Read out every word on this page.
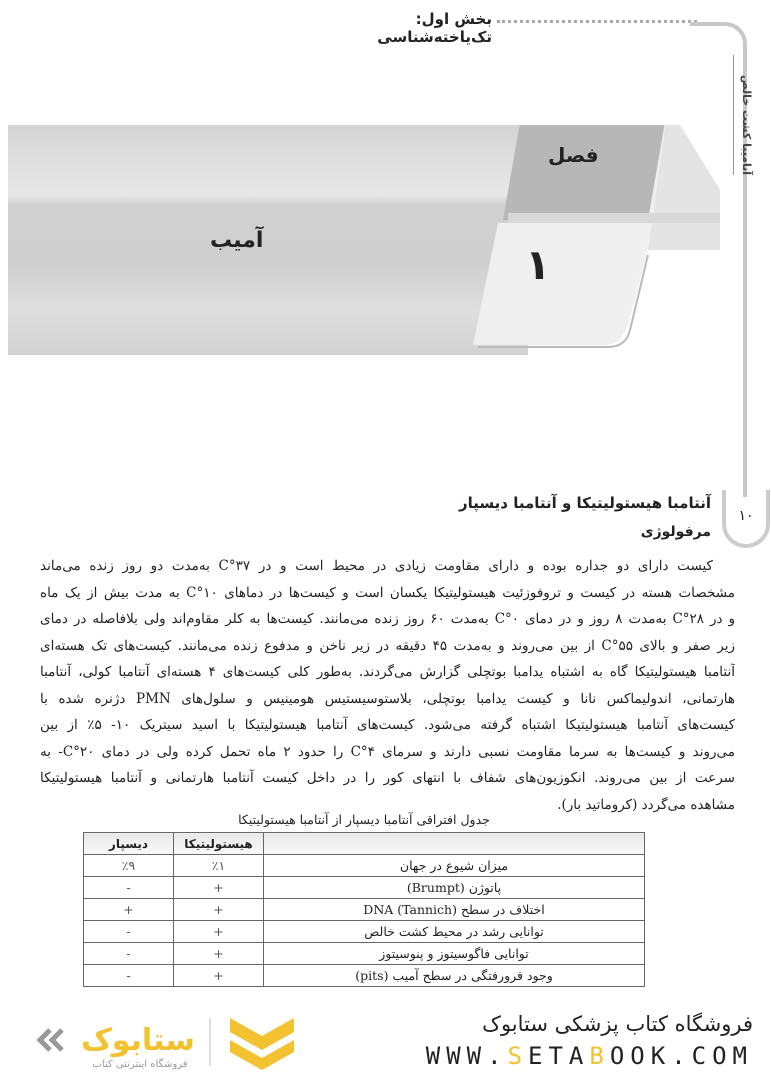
بخش اول: تک‌یاخته‌شناسی
آنامیبا کشت خالص
۱۰
فصل
۱
آمیب
آنتامبا هیستولیتیکا و آنتامبا دیسپار
مرفولوژی
کیست دارای دو جداره بوده و دارای مقاومت زیادی در محیط است و در ۳۷°C به‌مدت دو روز زنده می‌ماند
مشخصات هسته در کیست و تروفوزئیت هیستولیتیکا یکسان است و کیست‌ها در دماهای ۱۰°C به مدت بیش از یک ماه
و در ۲۸°C به‌مدت ۸ روز و در دمای ۰°C به‌مدت ۶۰ روز زنده می‌مانند. کیست‌ها به کلر مقاوم‌اند ولی بلافاصله در دمای
زیر صفر و بالای ۵۵°C از بین می‌روند و به‌مدت ۴۵ دقیقه در زیر ناخن و مدفوع زنده می‌مانند. کیست‌های تک هسته‌ای
آنتامبا هیستولیتیکا گاه به اشتباه یدامبا بوتچلی گزارش می‌گردند. به‌طور کلی کیست‌های ۴ هسته‌ای آنتامبا کولی، آنتامبا
هارتمانی، اندولیماکس نانا و کیست یدامبا بوتچلی، بلاستوسیستیس هومینیس و سلول‌های PMN دژنره شده با
کیست‌های آنتامبا هیستولیتیکا اشتباه گرفته می‌شود. کیست‌های آنتامبا هیستولیتیکا با اسید سیتریک ۱۰- ۵٪ از بین
می‌روند و کیست‌ها به سرما مقاومت نسبی دارند و سرمای ۴°C را حدود ۲ ماه تحمل کرده ولی در دمای ۲۰°C- به
سرعت از بین می‌روند. انکوزیون‌های شفاف با انتهای کور را در داخل کیست آنتامبا هارتمانی و آنتامبا هیستولیتیکا
مشاهده می‌گردد (کروماتید بار).
جدول افتراقی آنتامبا دیسپار از آنتامبا هیستولیتیکا
	هیستولیتیکا	دیسپار
میزان شیوع در جهان	٪۱	٪۹
پاتوژن (Brumpt)	+	-
اختلاف در سطح DNA (Tannich)	+	+
توانایی رشد در محیط کشت خالص	+	-
توانایی فاگوسیتوز و پنوسیتوز	+	-
وجود فرورفتگی در سطح آمیب (pits)	+	-
ستابوک
فروشگاه اینترنتی کتاب
فروشگاه کتاب پزشکی ستابوک
WWW.SETABOOK.COM
